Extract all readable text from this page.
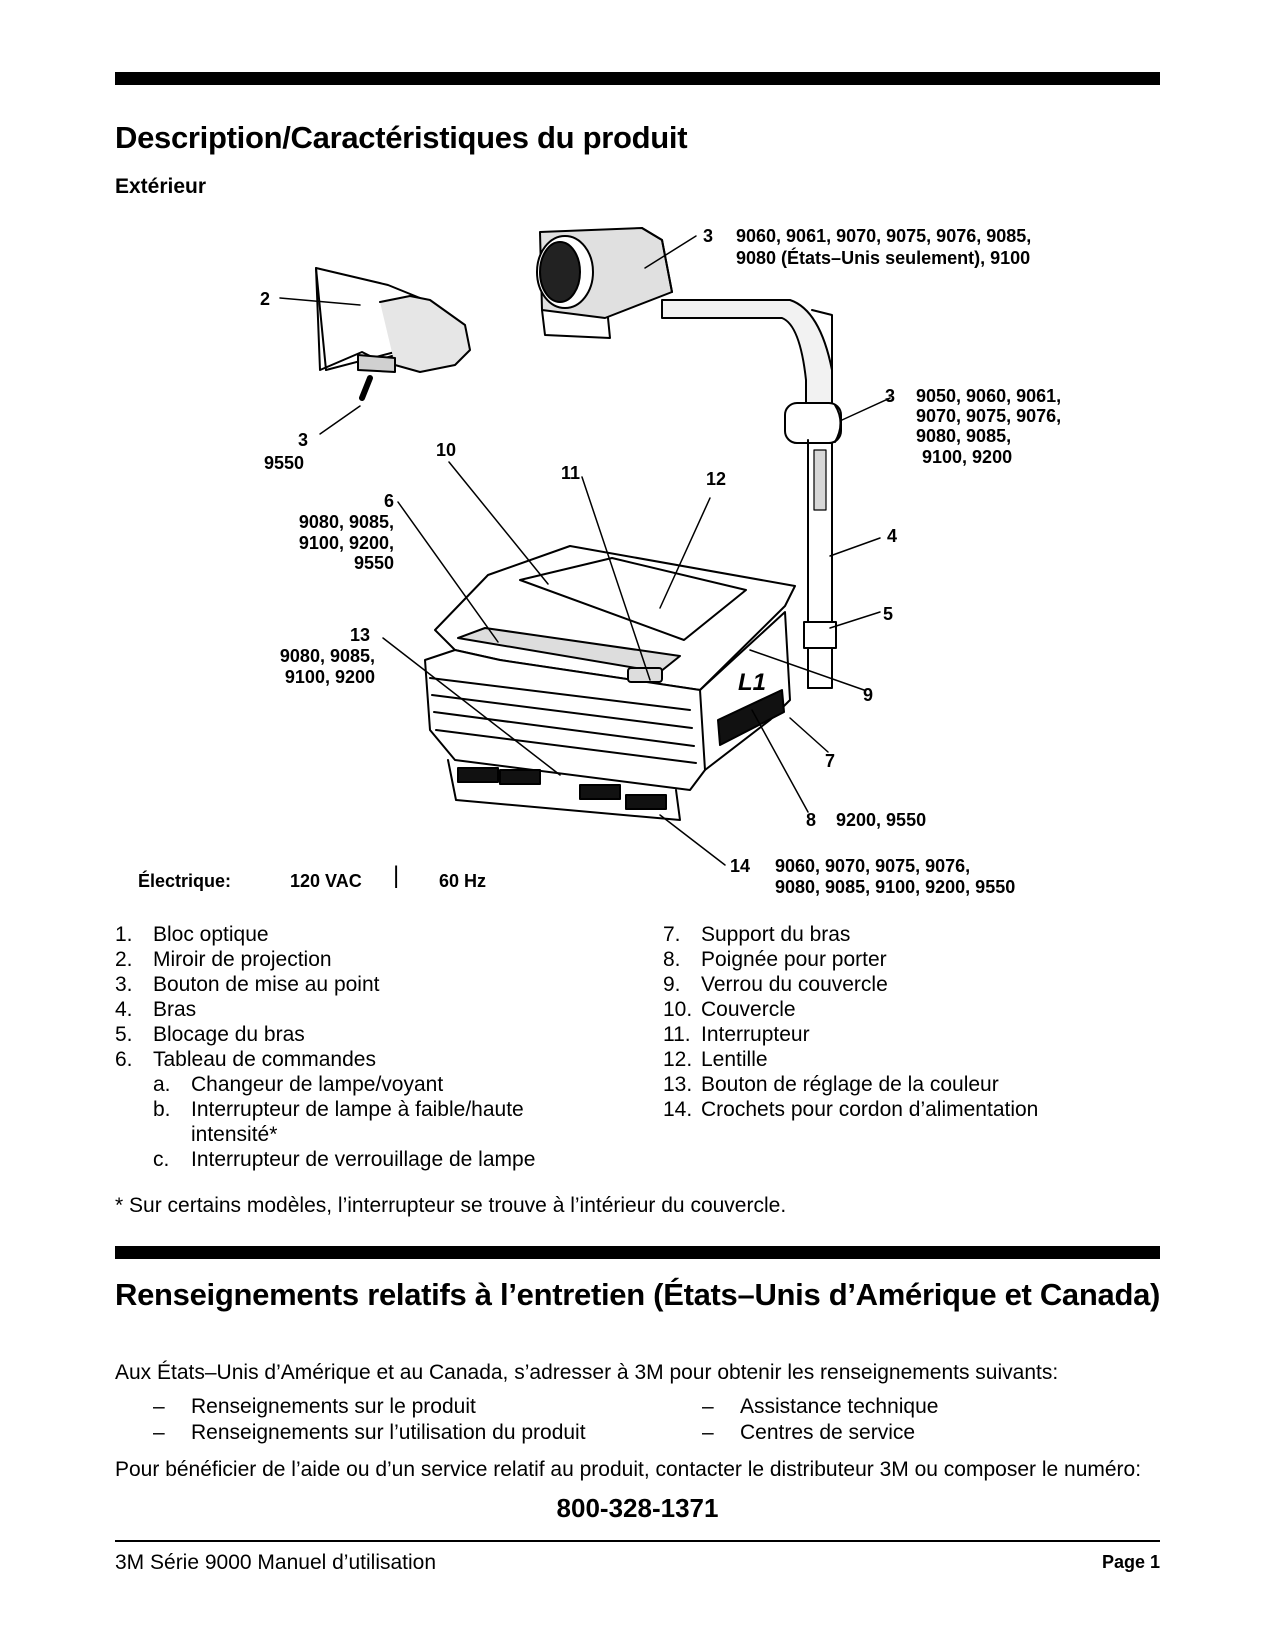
Description/Caractéristiques du produit
Extérieur
L1
3 9060, 9061, 9070, 9075, 9076, 9085,
9080 (États–Unis seulement), 9100
2
3 9050, 9060, 9061,
9070, 9075, 9076,
9080, 9085,
9100, 9200
3
9550
10
11	12
6
9080, 9085,
9100, 9200,
9550
4
5
13
9080, 9085,
9100, 9200
9
7
8 9200, 9550
14 9060, 9070, 9075, 9076,
9080, 9085, 9100, 9200, 9550
Électrique:	120 VAC | 60 Hz
1. Bloc optique
2. Miroir de projection
3. Bouton de mise au point
4. Bras
5. Blocage du bras
6. Tableau de commandes
a. Changeur de lampe/voyant
b. Interrupteur de lampe à faible/haute intensité*
c. Interrupteur de verrouillage de lampe
7. Support du bras
8. Poignée pour porter
9. Verrou du couvercle
10. Couvercle
11. Interrupteur
12. Lentille
13. Bouton de réglage de la couleur
14. Crochets pour cordon d’alimentation
* Sur certains modèles, l’interrupteur se trouve à l’intérieur du couvercle.
Renseignements relatifs à l’entretien (États–Unis d’Amérique et Canada)
Aux États–Unis d’Amérique et au Canada, s’adresser à 3M pour obtenir les renseignements suivants:
– Renseignements sur le produit
– Renseignements sur l’utilisation du produit
– Assistance technique
– Centres de service
Pour bénéficier de l’aide ou d’un service relatif au produit, contacter le distributeur 3M ou composer le numéro:
800-328-1371
3M Série 9000 Manuel d’utilisation	Page 1
